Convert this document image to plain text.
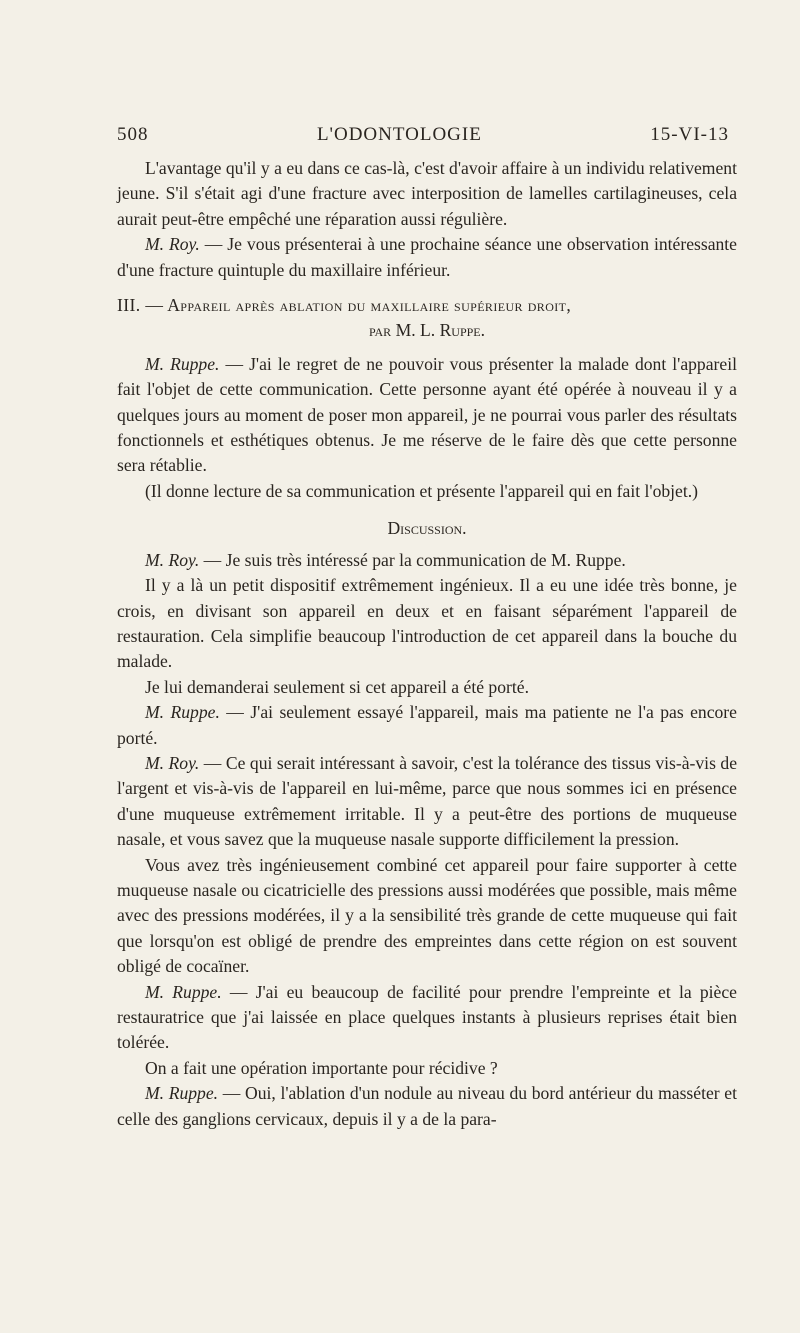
508	L'ODONTOLOGIE	15-VI-13

L'avantage qu'il y a eu dans ce cas-là, c'est d'avoir affaire à un individu relativement jeune. S'il s'était agi d'une fracture avec interposition de lamelles cartilagineuses, cela aurait peut-être empêché une réparation aussi régulière.

M. Roy. — Je vous présenterai à une prochaine séance une observation intéressante d'une fracture quintuple du maxillaire inférieur.

III. — Appareil après ablation du maxillaire supérieur droit,

par M. L. Ruppe.

M. Ruppe. — J'ai le regret de ne pouvoir vous présenter la malade dont l'appareil fait l'objet de cette communication. Cette personne ayant été opérée à nouveau il y a quelques jours au moment de poser mon appareil, je ne pourrai vous parler des résultats fonctionnels et esthétiques obtenus. Je me réserve de le faire dès que cette personne sera rétablie.

(Il donne lecture de sa communication et présente l'appareil qui en fait l'objet.)

Discussion.

M. Roy. — Je suis très intéressé par la communication de M. Ruppe.

Il y a là un petit dispositif extrêmement ingénieux. Il a eu une idée très bonne, je crois, en divisant son appareil en deux et en faisant séparément l'appareil de restauration. Cela simplifie beaucoup l'introduction de cet appareil dans la bouche du malade.

Je lui demanderai seulement si cet appareil a été porté.

M. Ruppe. — J'ai seulement essayé l'appareil, mais ma patiente ne l'a pas encore porté.

M. Roy. — Ce qui serait intéressant à savoir, c'est la tolérance des tissus vis-à-vis de l'argent et vis-à-vis de l'appareil en lui-même, parce que nous sommes ici en présence d'une muqueuse extrêmement irritable. Il y a peut-être des portions de muqueuse nasale, et vous savez que la muqueuse nasale supporte difficilement la pression.

Vous avez très ingénieusement combiné cet appareil pour faire supporter à cette muqueuse nasale ou cicatricielle des pressions aussi modérées que possible, mais même avec des pressions modérées, il y a la sensibilité très grande de cette muqueuse qui fait que lorsqu'on est obligé de prendre des empreintes dans cette région on est souvent obligé de cocaïner.

M. Ruppe. — J'ai eu beaucoup de facilité pour prendre l'empreinte et la pièce restauratrice que j'ai laissée en place quelques instants à plusieurs reprises était bien tolérée.

On a fait une opération importante pour récidive ?

M. Ruppe. — Oui, l'ablation d'un nodule au niveau du bord antérieur du masséter et celle des ganglions cervicaux, depuis il y a de la para-
